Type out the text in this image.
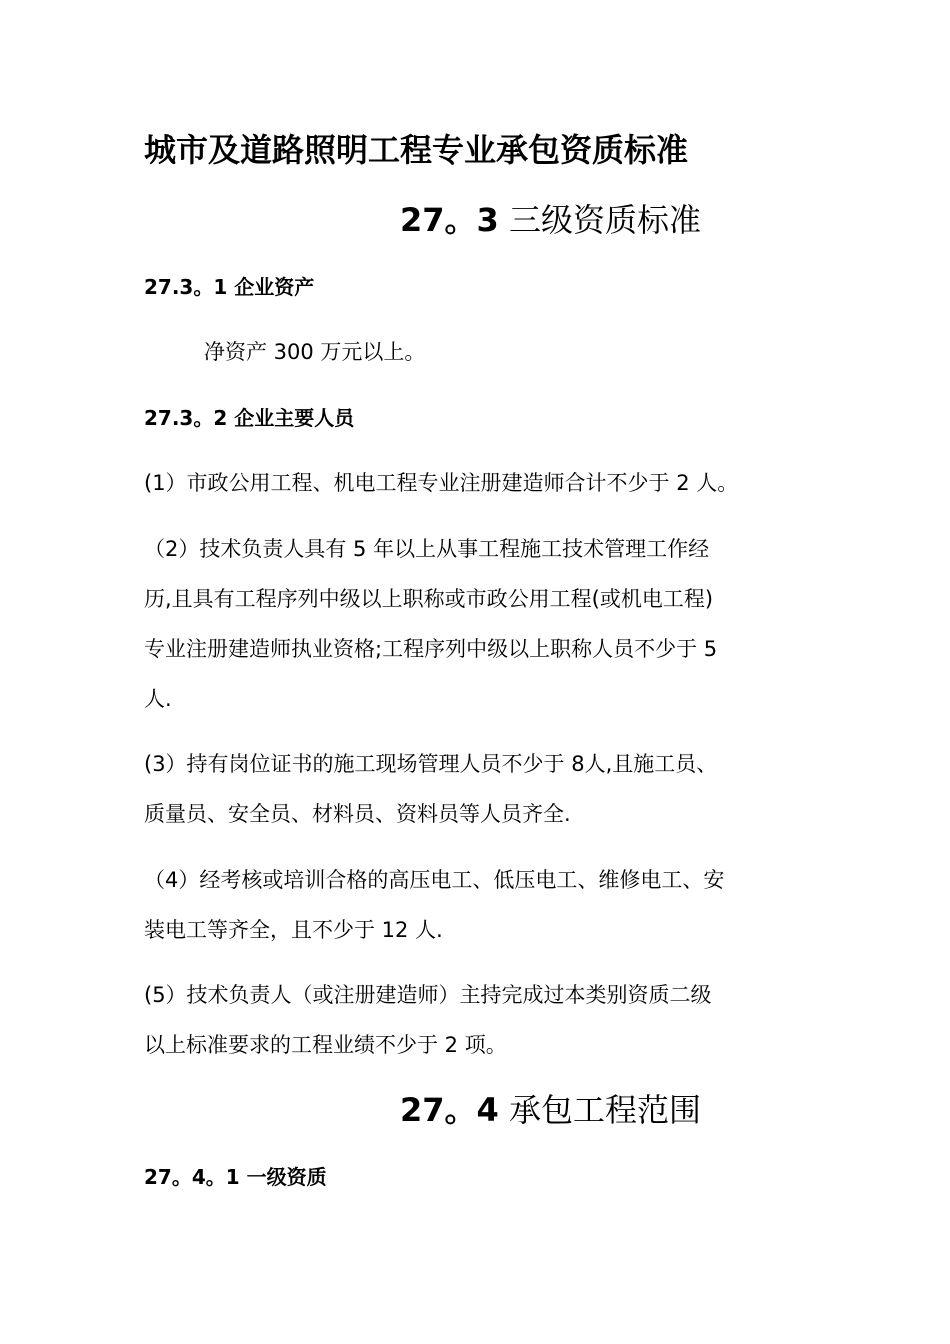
城市及道路照明工程专业承包资质标准
27。3 三级资质标准
27.3。1 企业资产
净资产 300 万元以上。
27.3。2 企业主要人员
(1）市政公用工程、机电工程专业注册建造师合计不少于 2 人。
（2）技术负责人具有 5 年以上从事工程施工技术管理工作经
历,且具有工程序列中级以上职称或市政公用工程(或机电工程)
专业注册建造师执业资格;工程序列中级以上职称人员不少于 5
人.
(3）持有岗位证书的施工现场管理人员不少于 8人,且施工员、
质量员、安全员、材料员、资料员等人员齐全.
（4）经考核或培训合格的高压电工、低压电工、维修电工、安
装电工等齐全，且不少于 12 人.
(5）技术负责人（或注册建造师）主持完成过本类别资质二级
以上标准要求的工程业绩不少于 2 项。
27。4 承包工程范围
27。4。1 一级资质
